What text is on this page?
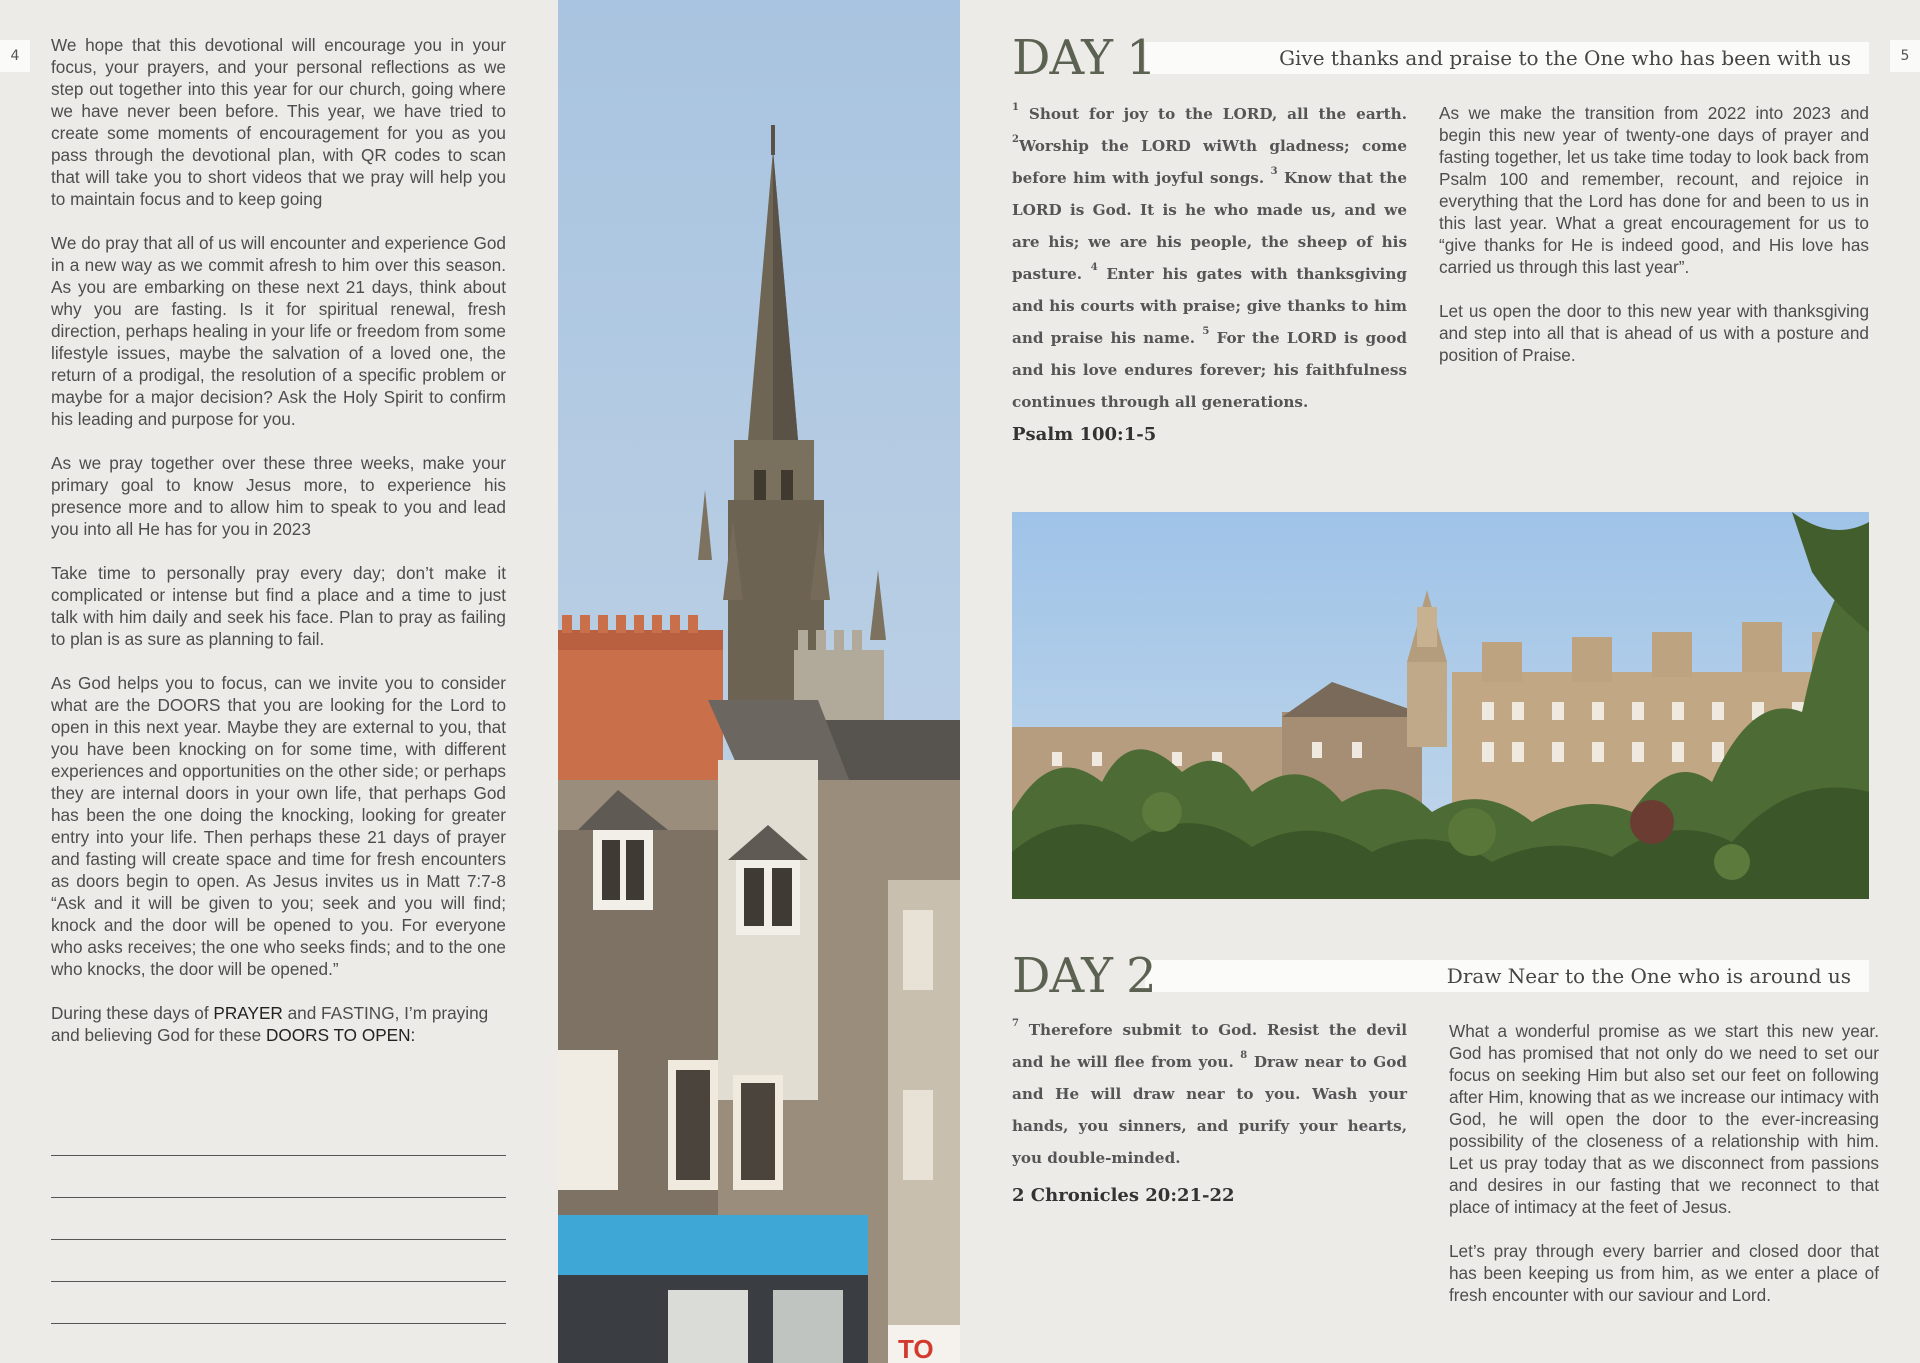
4	5

We hope that this devotional will encourage you in your focus, your prayers, and your personal reflections as we step out together into this year for our church, going where we have never been before. This year, we have tried to create some moments of encouragement for you as you pass through the devotional plan, with QR codes to scan that will take you to short videos that we pray will help you to maintain focus and to keep going

We do pray that all of us will encounter and experience God in a new way as we commit afresh to him over this season. As you are embarking on these next 21 days, think about why you are fasting. Is it for spiritual renewal, fresh direction, perhaps healing in your life or freedom from some lifestyle issues, maybe the salvation of a loved one, the return of a prodigal, the resolution of a specific problem or maybe for a major decision? Ask the Holy Spirit to confirm his leading and purpose for you.

As we pray together over these three weeks, make your primary goal to know Jesus more, to experience his presence more and to allow him to speak to you and lead you into all He has for you in 2023

Take time to personally pray every day; don’t make it complicated or intense but find a place and a time to just talk with him daily and seek his face. Plan to pray as failing to plan is as sure as planning to fail.

As God helps you to focus, can we invite you to consider what are the DOORS that you are looking for the Lord to open in this next year. Maybe they are external to you, that you have been knocking on for some time, with different experiences and opportunities on the other side; or perhaps they are internal doors in your own life, that perhaps God has been the one doing the knocking, looking for greater entry into your life. Then perhaps these 21 days of prayer and fasting will create space and time for fresh encounters as doors begin to open. As Jesus invites us in Matt 7:7-8 “Ask and it will be given to you; seek and you will find; knock and the door will be opened to you. For everyone who asks receives; the one who seeks finds; and to the one who knocks, the door will be opened.”

During these days of PRAYER and FASTING, I’m praying and believing God for these DOORS TO OPEN:

TO
DAY 1	Give thanks and praise to the One who has been with us
$^1$ Shout for joy to the LORD, all the earth. $^2$Worship the LORD wiWth gladness; come before him with joyful songs. $^3$ Know that the LORD is God. It is he who made us, and we are his; we are his people, the sheep of his pasture. $^4$ Enter his gates with thanksgiving and his courts with praise; give thanks to him and praise his name. $^5$ For the LORD is good and his love endures forever; his faithfulness continues through all generations.
Psalm 100:1-5

As we make the transition from 2022 into 2023 and begin this new year of twenty-one days of prayer and fasting together, let us take time today to look back from Psalm 100 and remember, recount, and rejoice in everything that the Lord has done for and been to us in this last year. What a great encouragement for us to “give thanks for He is indeed good, and His love has carried us through this last year”.

Let us open the door to this new year with thanksgiving and step into all that is ahead of us with a posture and position of Praise.

DAY 2	Draw Near to the One who is around us
$^7$ Therefore submit to God. Resist the devil and he will flee from you. $^8$ Draw near to God and He will draw near to you. Wash your hands, you sinners, and purify your hearts, you double-minded.
2 Chronicles 20:21-22

What a wonderful promise as we start this new year. God has promised that not only do we need to set our focus on seeking Him but also set our feet on following after Him, knowing that as we increase our intimacy with God, he will open the door to the ever-increasing possibility of the closeness of a relationship with him. Let us pray today that as we disconnect from passions and desires in our fasting that we reconnect to that place of intimacy at the feet of Jesus.

Let’s pray through every barrier and closed door that has been keeping us from him, as we enter a place of fresh encounter with our saviour and Lord.
